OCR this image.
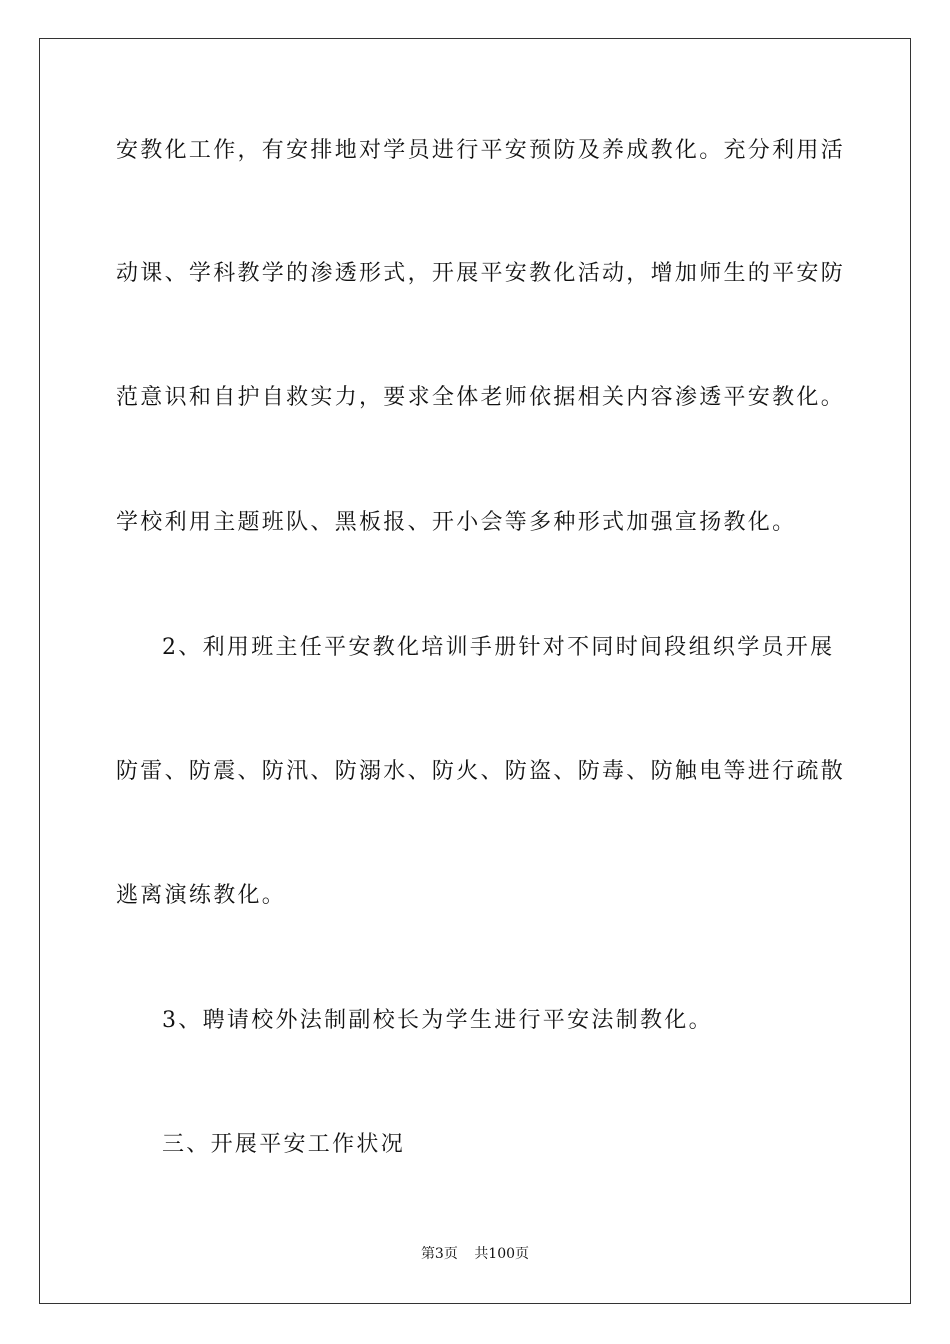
安教化工作，有安排地对学员进行平安预防及养成教化。充分利用活
动课、学科教学的渗透形式，开展平安教化活动，增加师生的平安防
范意识和自护自救实力，要求全体老师依据相关内容渗透平安教化。
学校利用主题班队、黑板报、开小会等多种形式加强宣扬教化。
2、利用班主任平安教化培训手册针对不同时间段组织学员开展
防雷、防震、防汛、防溺水、防火、防盗、防毒、防触电等进行疏散
逃离演练教化。
3、聘请校外法制副校长为学生进行平安法制教化。
三、开展平安工作状况
第3页 共100页
